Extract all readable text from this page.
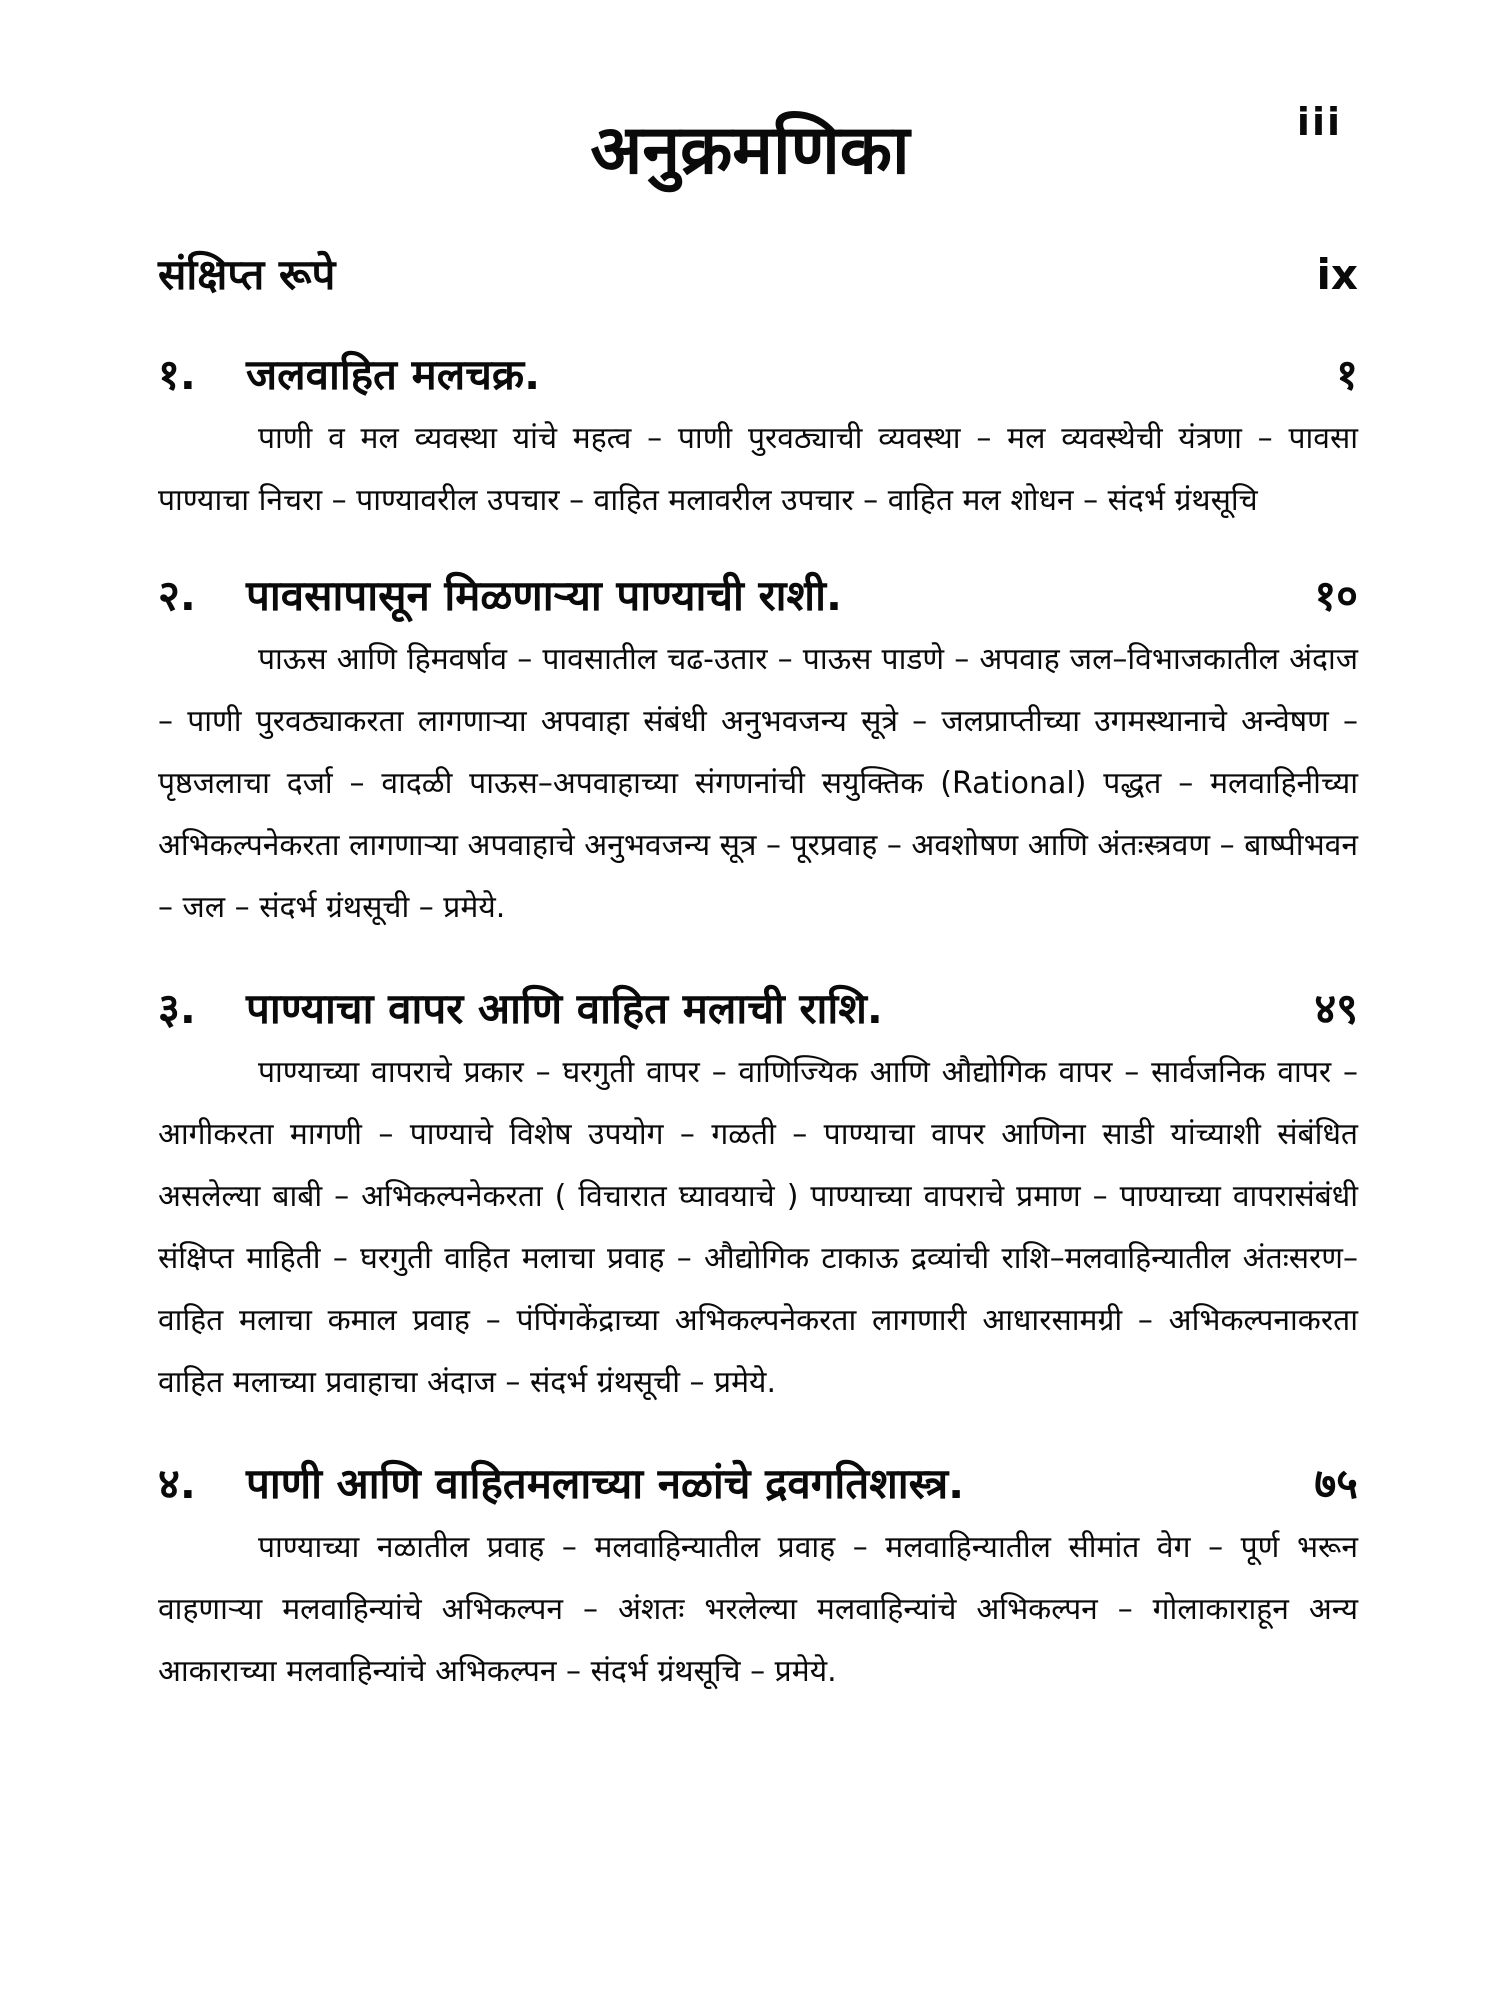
अनुक्रमणिका	iii
संक्षिप्त रूपे	ix
१. जलवाहित मलचक्र.	१

पाणी व मल व्यवस्था यांचे महत्व – पाणी पुरवठ्याची व्यवस्था – मल व्यवस्थेची यंत्रणा – पावसा पाण्याचा निचरा – पाण्यावरील उपचार – वाहित मलावरील उपचार – वाहित मल शोधन – संदर्भ ग्रंथसूचि

२. पावसापासून मिळणाऱ्या पाण्याची राशी.	१०

पाऊस आणि हिमवर्षाव – पावसातील चढ-उतार – पाऊस पाडणे – अपवाह जल–विभाजकातील अंदाज – पाणी पुरवठ्याकरता लागणाऱ्या अपवाहा संबंधी अनुभवजन्य सूत्रे – जलप्राप्तीच्या उगमस्थानाचे अन्वेषण – पृष्ठजलाचा दर्जा – वादळी पाऊस–अपवाहाच्या संगणनांची सयुक्तिक (Rational) पद्धत – मलवाहिनीच्या अभिकल्पनेकरता लागणाऱ्या अपवाहाचे अनुभवजन्य सूत्र – पूरप्रवाह – अवशोषण आणि अंतःस्त्रवण – बाष्पीभवन – जल – संदर्भ ग्रंथसूची – प्रमेये.

३. पाण्याचा वापर आणि वाहित मलाची राशि.	४९

पाण्याच्या वापराचे प्रकार – घरगुती वापर – वाणिज्यिक आणि औद्योगिक वापर – सार्वजनिक वापर – आगीकरता मागणी – पाण्याचे विशेष उपयोग – गळती – पाण्याचा वापर आणिना साडी यांच्याशी संबंधित असलेल्या बाबी – अभिकल्पनेकरता ( विचारात घ्यावयाचे ) पाण्याच्या वापराचे प्रमाण – पाण्याच्या वापरासंबंधी संक्षिप्त माहिती – घरगुती वाहित मलाचा प्रवाह – औद्योगिक टाकाऊ द्रव्यांची राशि–मलवाहिन्यातील अंतःसरण– वाहित मलाचा कमाल प्रवाह – पंपिंगकेंद्राच्या अभिकल्पनेकरता लागणारी आधारसामग्री – अभिकल्पनाकरता वाहित मलाच्या प्रवाहाचा अंदाज – संदर्भ ग्रंथसूची – प्रमेये.

४. पाणी आणि वाहितमलाच्या नळांचे द्रवगतिशास्त्र.	७५

पाण्याच्या नळातील प्रवाह – मलवाहिन्यातील प्रवाह – मलवाहिन्यातील सीमांत वेग – पूर्ण भरून वाहणाऱ्या मलवाहिन्यांचे अभिकल्पन – अंशतः भरलेल्या मलवाहिन्यांचे अभिकल्पन – गोलाकाराहून अन्य आकाराच्या मलवाहिन्यांचे अभिकल्पन – संदर्भ ग्रंथसूचि – प्रमेये.
